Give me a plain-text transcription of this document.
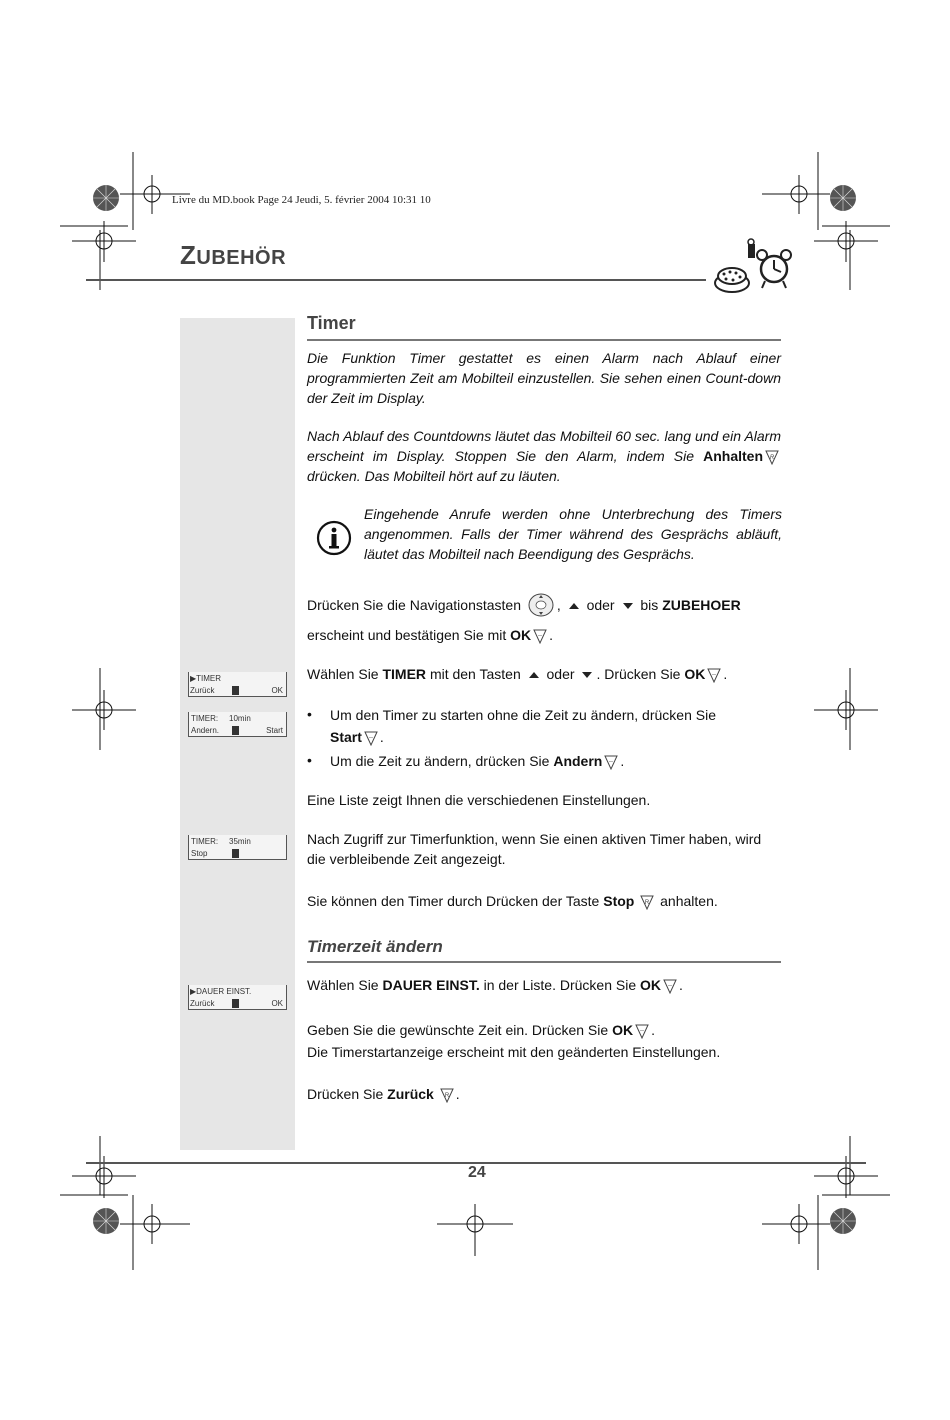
Livre du MD.book Page 24 Jeudi, 5. février 2004 10:31 10
ZUBEHÖR
Timer
Die Funktion Timer gestattet es einen Alarm nach Ablauf einer programmierten Zeit am Mobilteil einzustellen. Sie sehen einen Count-down der Zeit im Display.
Nach Ablauf des Countdowns läutet das Mobilteil 60 sec. lang und ein Alarm erscheint im Display. Stoppen Sie den Alarm, indem Sie Anhalten R
drücken. Das Mobilteil hört auf zu läuten.
Eingehende Anrufe werden ohne Unterbrechung des Timers angenommen. Falls der Timer während des Gesprächs abläuft, läutet das Mobilteil nach Beendigung des Gesprächs.
Drücken Sie die Navigationstasten	, oder bis ZUBEHOER
erscheint und bestätigen Sie mit OK -- .
▶TIMER
Zurück	OK
TIMER: 10min
Andern.	Start
TIMER: 35min
Stop
▶DAUER EINST.
Zurück	OK
Wählen Sie TIMER mit den Tasten oder . Drücken Sie OK -- .
• Um den Timer zu starten ohne die Zeit zu ändern, drücken Sie
Start -- .
• Um die Zeit zu ändern, drücken Sie Andern -- .
Eine Liste zeigt Ihnen die verschiedenen Einstellungen.
Nach Zugriff zur Timerfunktion, wenn Sie einen aktiven Timer haben, wird die verbleibende Zeit angezeigt.
Sie können den Timer durch Drücken der Taste Stop R anhalten.
Timerzeit ändern
Wählen Sie DAUER EINST. in der Liste. Drücken Sie OK -- .
Geben Sie die gewünschte Zeit ein. Drücken Sie OK -- .
Die Timerstartanzeige erscheint mit den geänderten Einstellungen.
Drücken Sie Zurück R .
24
